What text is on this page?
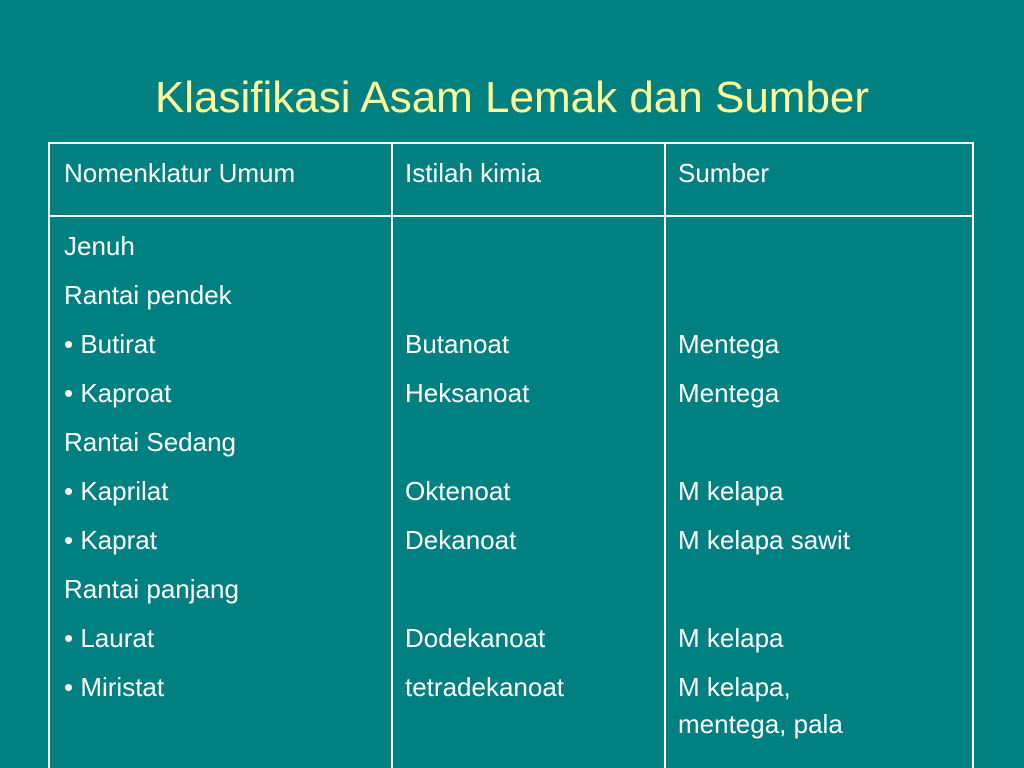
Klasifikasi Asam Lemak dan Sumber
Nomenklatur Umum	Istilah kimia	Sumber
Jenuh
Rantai pendek
• Butirat
• Kaproat
Rantai Sedang
• Kaprilat
• Kaprat
Rantai panjang
• Laurat
• Miristat
Butanoat
Heksanoat
Oktenoat
Dekanoat
Dodekanoat
tetradekanoat
Mentega
Mentega
M kelapa
M kelapa sawit
M kelapa
M kelapa,
mentega, pala
